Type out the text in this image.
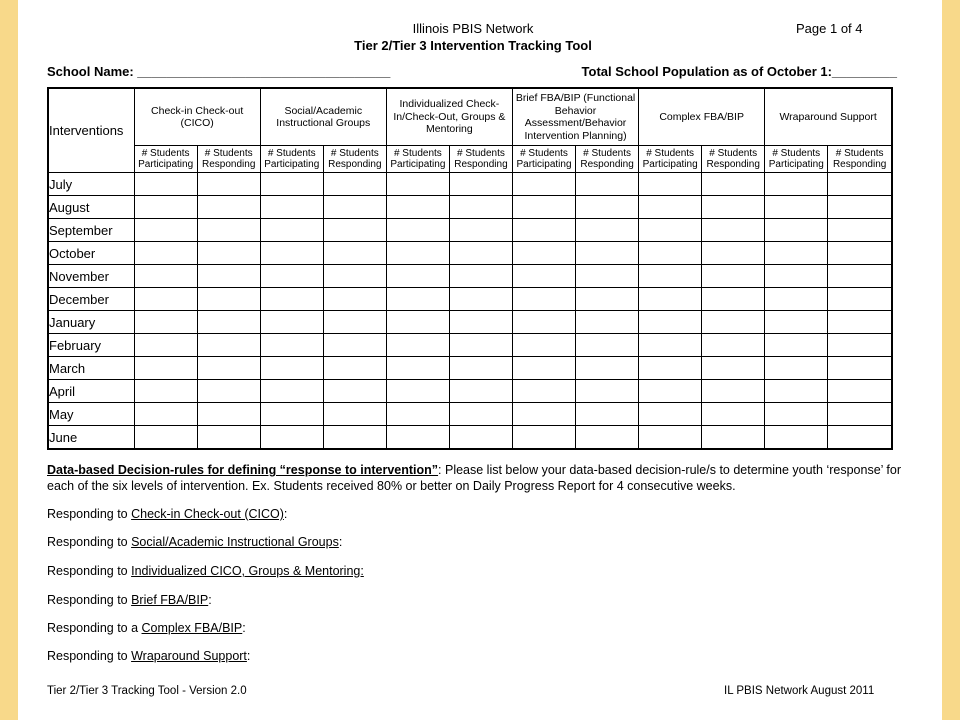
Illinois PBIS Network	Page 1 of 4
Tier 2/Tier 3 Intervention Tracking Tool
School Name: ___________________________________	Total School Population as of October 1:_________
Interventions	Check-in Check-out (CICO)		Social/Academic Instructional Groups		Individualized Check-In/Check-Out, Groups & Mentoring		Brief FBA/BIP (Functional Behavior Assessment/Behavior Intervention Planning)		Complex FBA/BIP		Wraparound Support	
	# Students Participating	# Students Responding	# Students Participating	# Students Responding	# Students Participating	# Students Responding	# Students Participating	# Students Responding	# Students Participating	# Students Responding	# Students Participating	# Students Responding
July												
August												
September												
October												
November												
December												
January												
February												
March												
April												
May												
June												
Data-based Decision-rules for defining “response to intervention”: Please list below your data-based decision-rule/s to determine youth ‘response’ for each of the six levels of intervention. Ex. Students received 80% or better on Daily Progress Report for 4 consecutive weeks.
Responding to Check-in Check-out (CICO):
Responding to Social/Academic Instructional Groups:
Responding to Individualized CICO, Groups & Mentoring:
Responding to Brief FBA/BIP:
Responding to a Complex FBA/BIP:
Responding to Wraparound Support:
Tier 2/Tier 3 Tracking Tool - Version 2.0	IL PBIS Network August 2011
